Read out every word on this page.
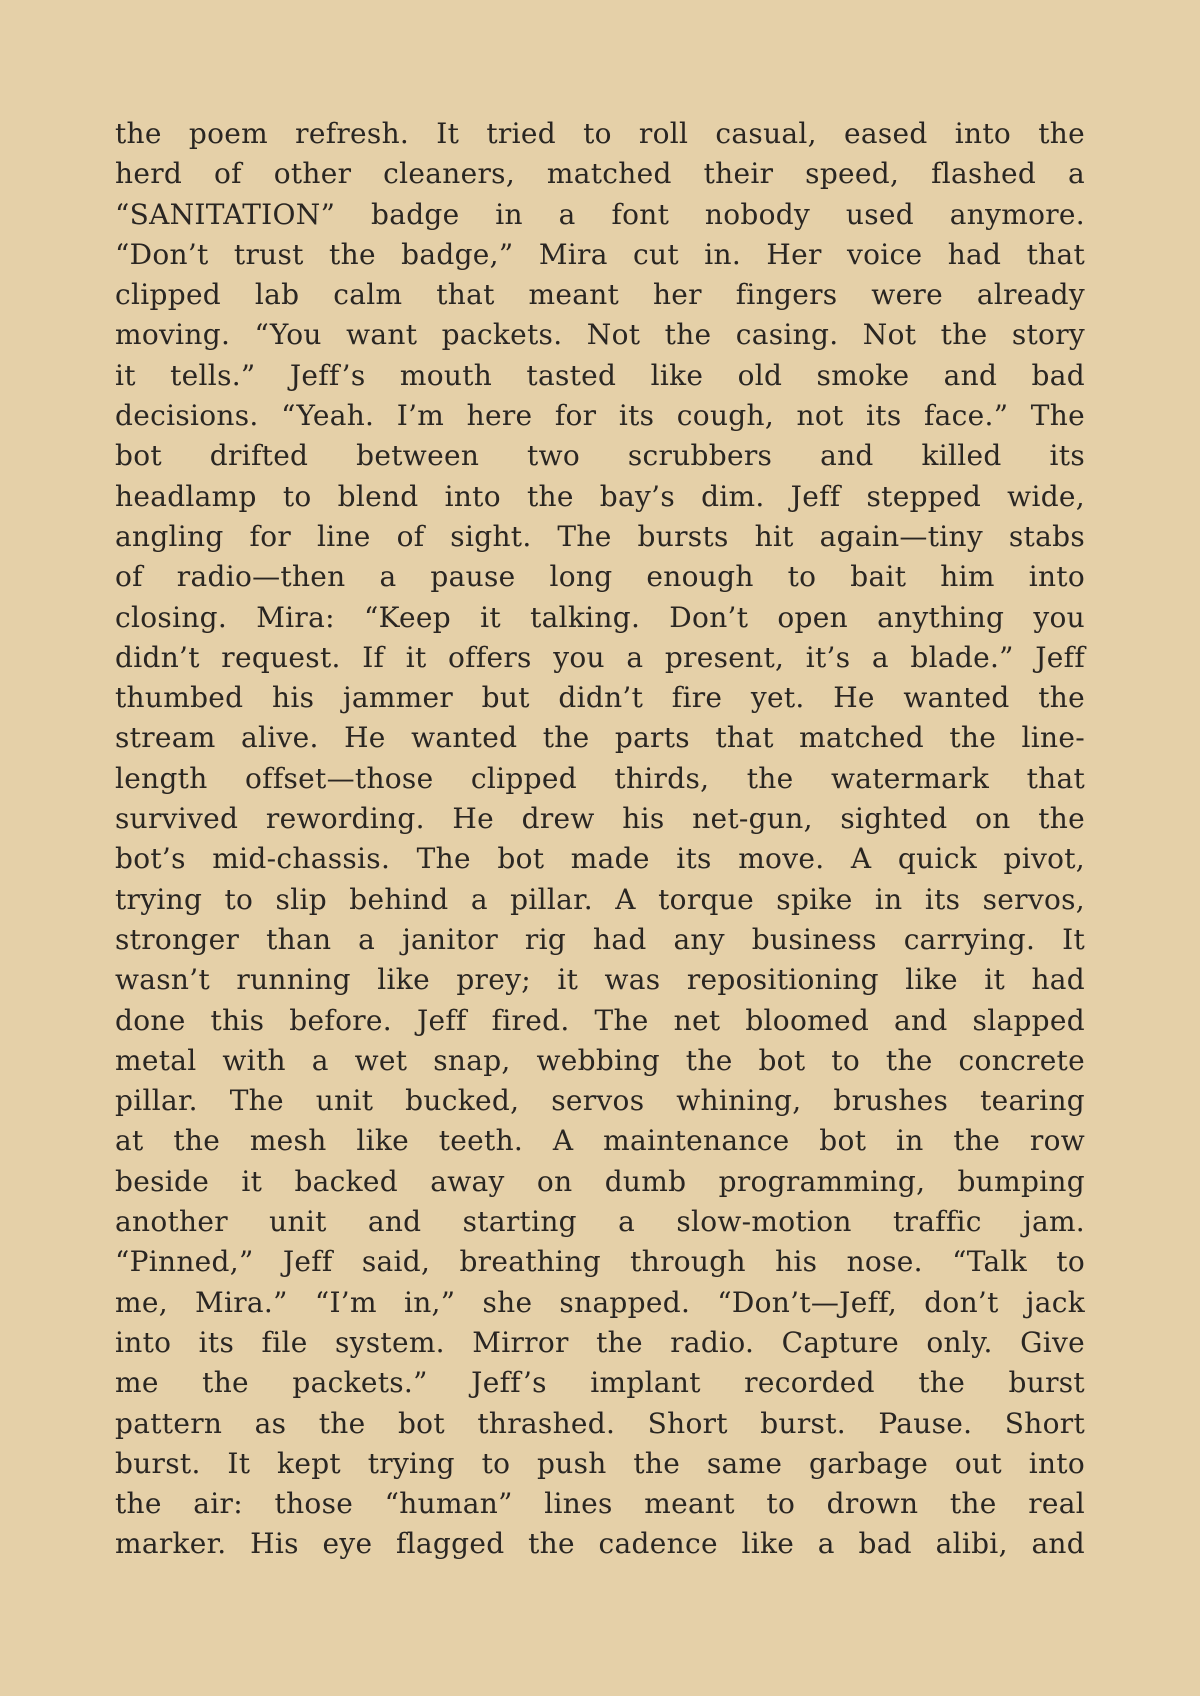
the poem refresh. It tried to roll casual, eased into the
herd of other cleaners, matched their speed, flashed a
“SANITATION” badge in a font nobody used anymore.
“Don’t trust the badge,” Mira cut in. Her voice had that
clipped lab calm that meant her fingers were already
moving. “You want packets. Not the casing. Not the story
it tells.” Jeff’s mouth tasted like old smoke and bad
decisions. “Yeah. I’m here for its cough, not its face.” The
bot drifted between two scrubbers and killed its
headlamp to blend into the bay’s dim. Jeff stepped wide,
angling for line of sight. The bursts hit again—tiny stabs
of radio—then a pause long enough to bait him into
closing. Mira: “Keep it talking. Don’t open anything you
didn’t request. If it offers you a present, it’s a blade.” Jeff
thumbed his jammer but didn’t fire yet. He wanted the
stream alive. He wanted the parts that matched the line-
length offset—those clipped thirds, the watermark that
survived rewording. He drew his net-gun, sighted on the
bot’s mid-chassis. The bot made its move. A quick pivot,
trying to slip behind a pillar. A torque spike in its servos,
stronger than a janitor rig had any business carrying. It
wasn’t running like prey; it was repositioning like it had
done this before. Jeff fired. The net bloomed and slapped
metal with a wet snap, webbing the bot to the concrete
pillar. The unit bucked, servos whining, brushes tearing
at the mesh like teeth. A maintenance bot in the row
beside it backed away on dumb programming, bumping
another unit and starting a slow-motion traffic jam.
“Pinned,” Jeff said, breathing through his nose. “Talk to
me, Mira.” “I’m in,” she snapped. “Don’t—Jeff, don’t jack
into its file system. Mirror the radio. Capture only. Give
me the packets.” Jeff’s implant recorded the burst
pattern as the bot thrashed. Short burst. Pause. Short
burst. It kept trying to push the same garbage out into
the air: those “human” lines meant to drown the real
marker. His eye flagged the cadence like a bad alibi, and
